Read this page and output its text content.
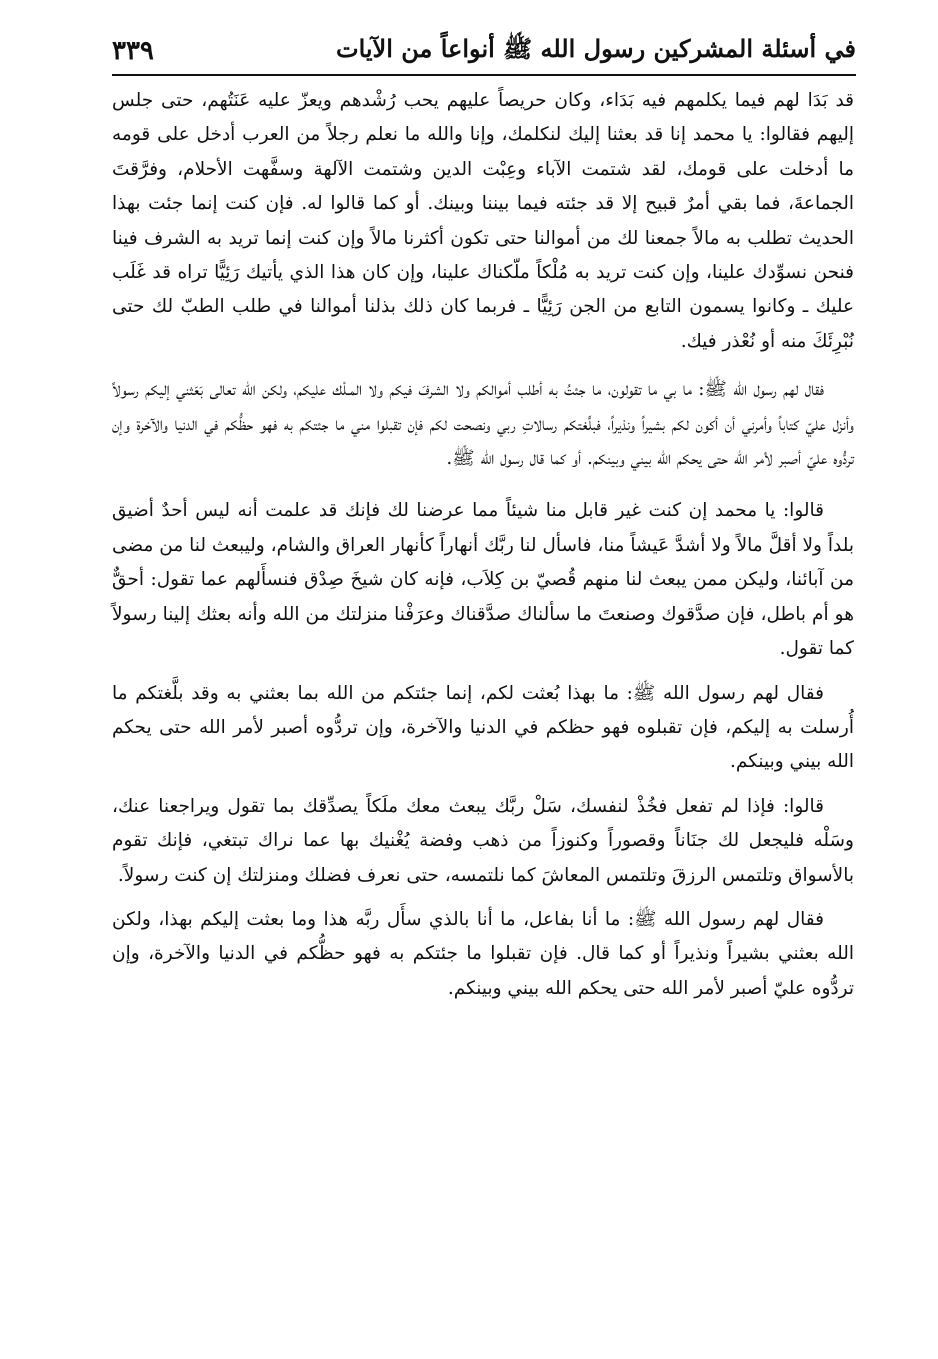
في أسئلة المشركين رسول الله ﷺ أنواعاً من الآيات
٣٣٩

قد بَدَا لهم فيما يكلمهم فيه بَدَاء، وكان حريصاً عليهم يحب رُشْدهم ويعزّ عليه عَنَتُهم، حتى جلس إليهم فقالوا: يا محمد إنا قد بعثنا إليك لنكلمك، وإنا والله ما نعلم رجلاً من العرب أدخل على قومه ما أدخلت على قومك، لقد شتمت الآباء وعِبْت الدين وشتمت الآلهة وسفَّهت الأحلام، وفرَّقتَ الجماعةَ، فما بقي أمرٌ قبيح إلا قد جئته فيما بيننا وبينك. أو كما قالوا له. فإن كنت إنما جئت بهذا الحديث تطلب به مالاً جمعنا لك من أموالنا حتى تكون أكثرنا مالاً وإن كنت إنما تريد به الشرف فينا فنحن نسوِّدك علينا، وإن كنت تريد به مُلْكاً ملّكناك علينا، وإن كان هذا الذي يأتيك رَئِيًّا تراه قد غَلَب عليك ـ وكانوا يسمون التابع من الجن رَئِيًّا ـ فربما كان ذلك بذلنا أموالنا في طلب الطبّ لك حتى نُبْرِئَكَ منه أو نُعْذر فيك.

فقال لهم رسول الله ﷺ: ما بي ما تقولون، ما جئتُ به أطلب أموالكم ولا الشرفَ فيكم ولا المـلْك عليكم، ولكن الله تعالى بَعَثني إليكم رسولاً وأنزل عليّ كتاباً وأمرني أن أكون لكم بشيراً ونذيراً، فبلَّغتكم رسالاتِ ربي ونصحت لكم فإن تقبلوا مني ما جئتكم به فهو حظُّكم في الدنيا والآخرة وإن تردُّوه عليّ أصبر لأمر الله حتى يحكم الله بيني وبينكم. أو كما قال رسول الله ﷺ.

قالوا: يا محمد إن كنت غير قابل منا شيئاً مما عرضنا لك فإنك قد علمت أنه ليس أحدٌ أضيق بلداً ولا أقلَّ مالاً ولا أشدَّ عَيشاً منا، فاسأل لنا ربَّك أنهاراً كأنهار العراق والشام، وليبعث لنا من مضى من آبائنا، وليكن ممن يبعث لنا منهم قُصيّ بن كِلاَب، فإنه كان شيخَ صِدْق فنسأَلهم عما تقول: أحقٌّ هو أم باطل، فإن صدَّقوك وصنعتَ ما سألناك صدَّقناك وعرَفْنا منزلتك من الله وأنه بعثك إلينا رسولاً كما تقول.

فقال لهم رسول الله ﷺ: ما بهذا بُعثت لكم، إنما جئتكم من الله بما بعثني به وقد بلَّغتكم ما أُرسلت به إليكم، فإن تقبلوه فهو حظكم في الدنيا والآخرة، وإن تردُّوه أصبر لأمر الله حتى يحكم الله بيني وبينكم.

قالوا: فإذا لم تفعل فخُذْ لنفسك، سَلْ ربَّك يبعث معك ملَكاً يصدِّقك بما تقول ويراجعنا عنك، وسَلْه فليجعل لك جنَاناً وقصوراً وكنوزاً من ذهب وفضة يُغْنيك بها عما نراك تبتغي، فإنك تقوم بالأسواق وتلتمس الرزقَ وتلتمس المعاشَ كما نلتمسه، حتى نعرف فضلك ومنزلتك إن كنت رسولاً.

فقال لهم رسول الله ﷺ: ما أنا بفاعل، ما أنا بالذي سأَل ربَّه هذا وما بعثت إليكم بهذا، ولكن الله بعثني بشيراً ونذيراً أو كما قال. فإن تقبلوا ما جئتكم به فهو حظُّكم في الدنيا والآخرة، وإن تردُّوه عليّ أصبر لأمر الله حتى يحكم الله بيني وبينكم.
